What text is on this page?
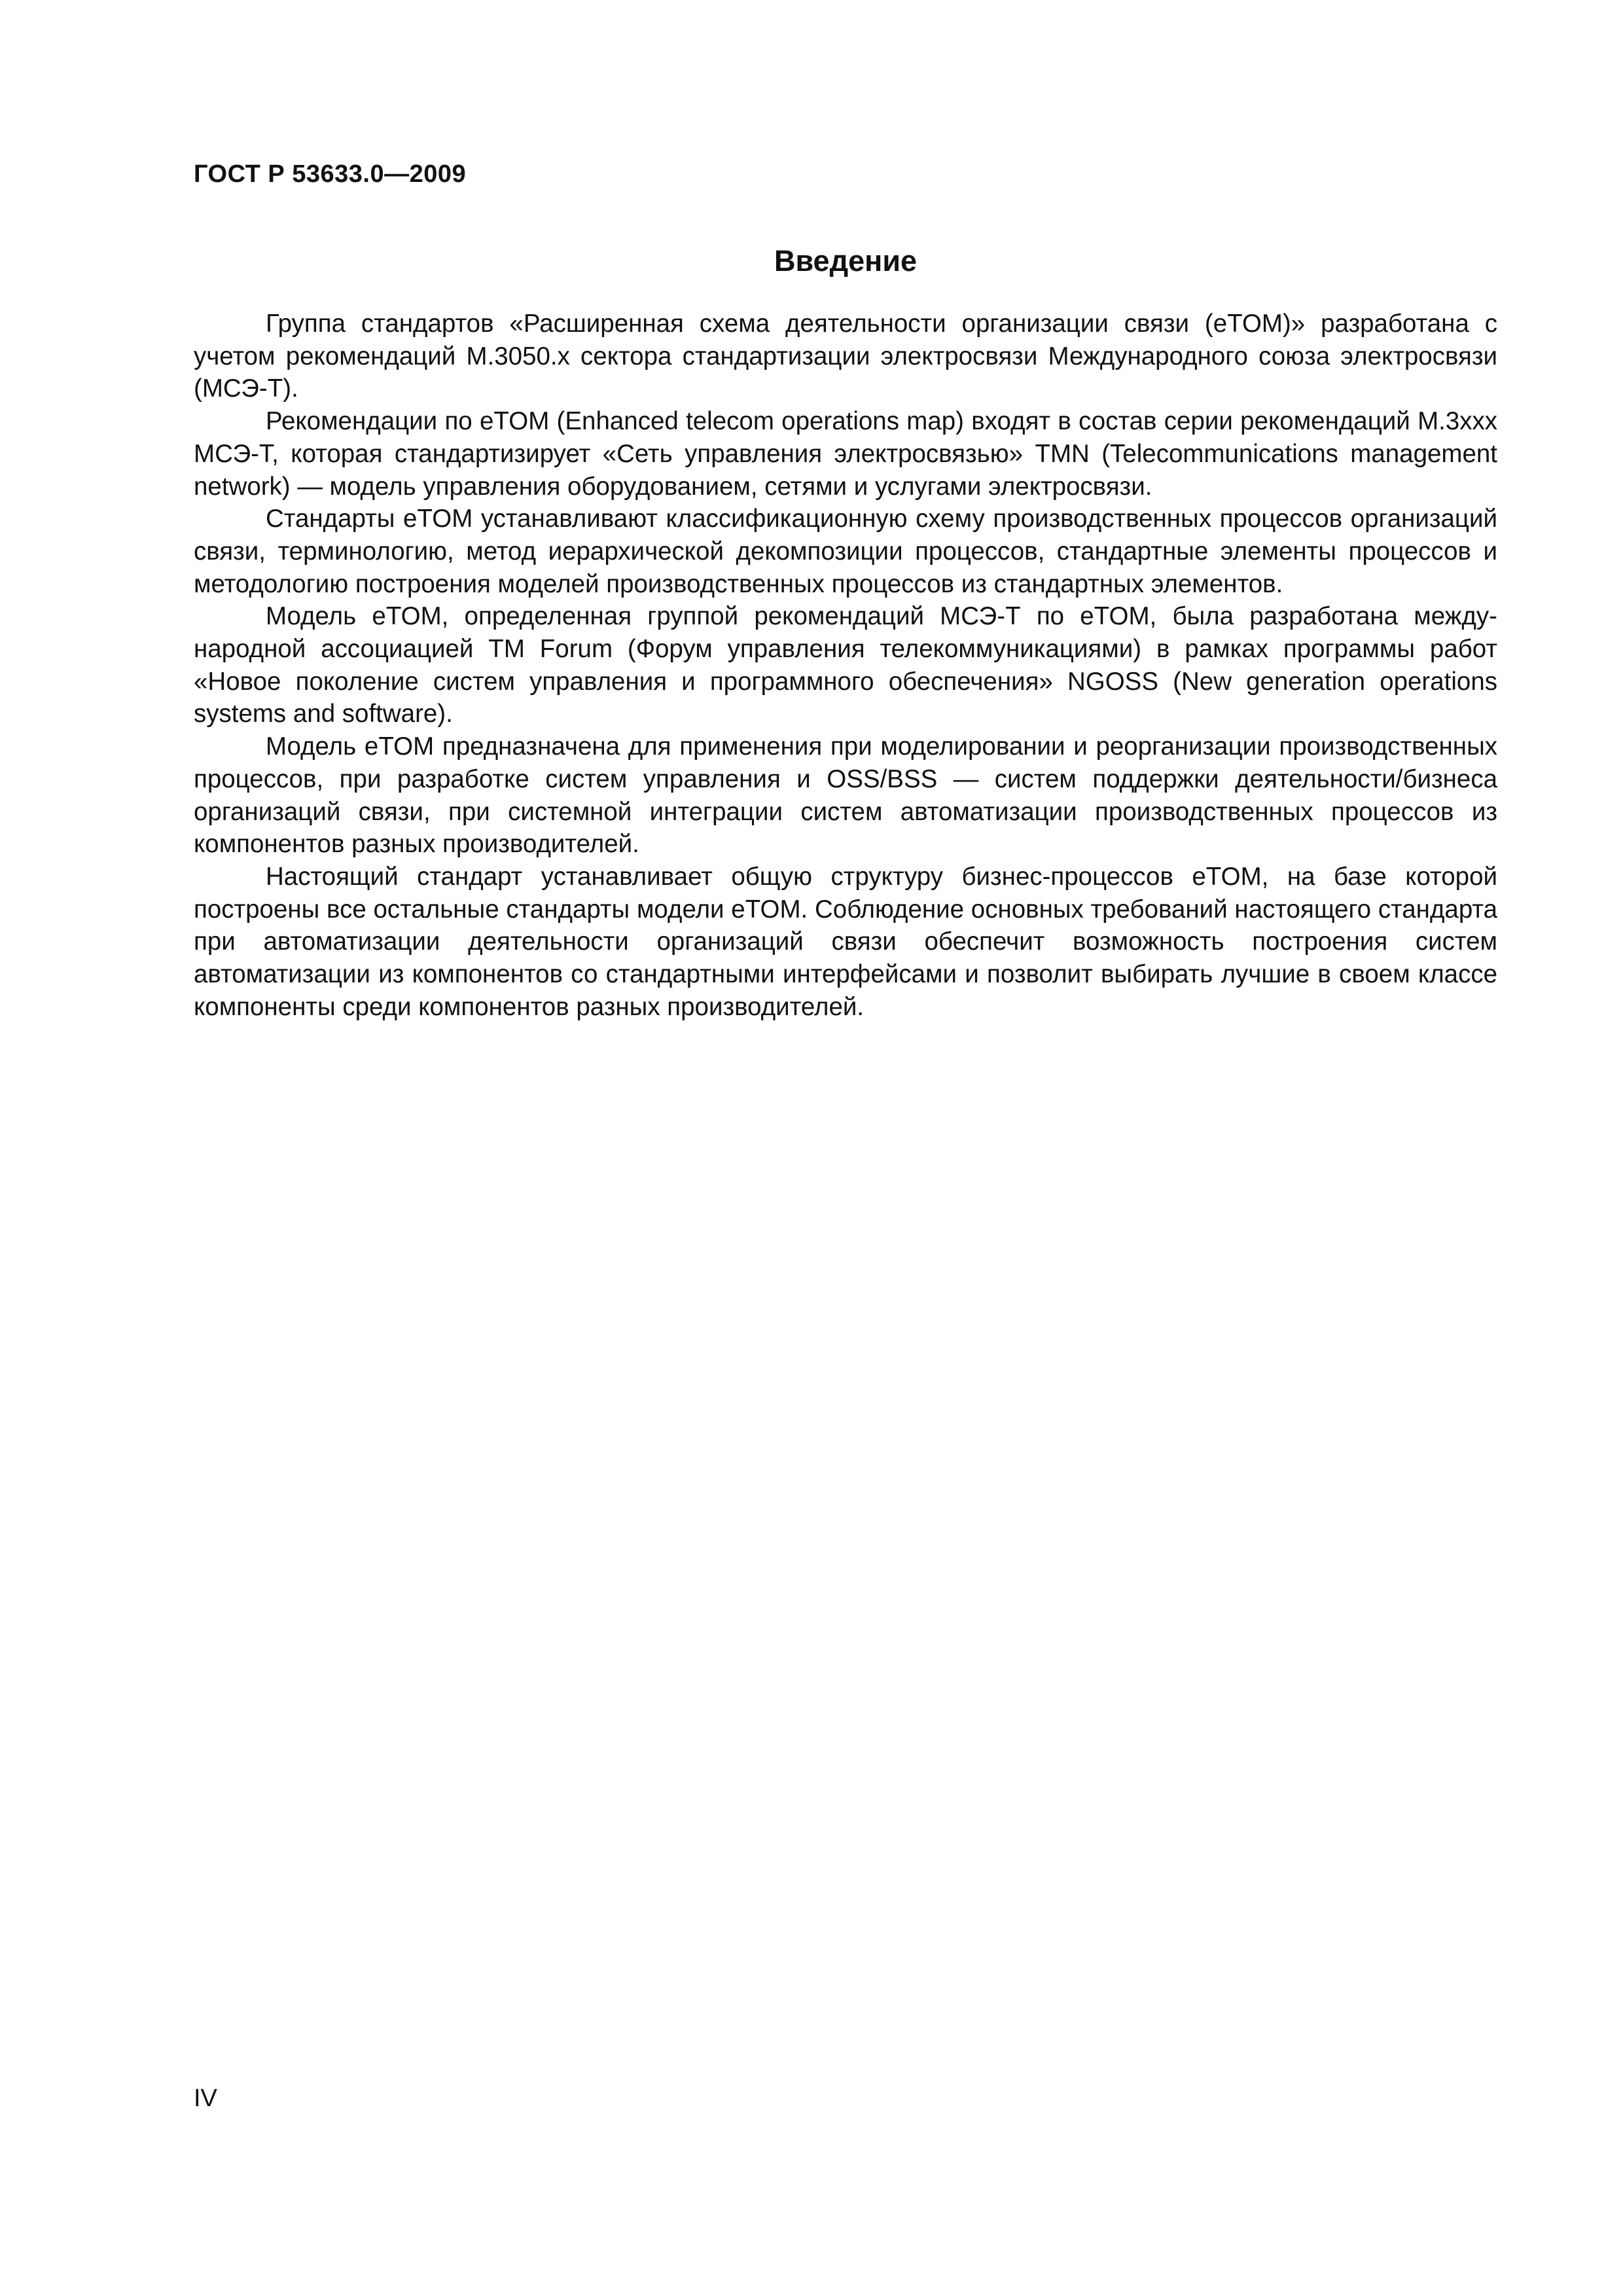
ГОСТ Р 53633.0—2009
Введение

Группа стандартов «Расширенная схема деятельности организации связи (eTOM)» разработана с учетом рекомендаций М.3050.x сектора стандартизации электросвязи Международного союза электросвязи (МСЭ-Т).

Рекомендации по eTOM (Enhanced telecom operations map) входят в состав серии рекомендаций М.3xxx МСЭ-Т, которая стандартизирует «Сеть управления электросвязью» TMN (Telecommunications management network) — модель управления оборудованием, сетями и услугами электросвязи.

Стандарты eTOM устанавливают классификационную схему производственных процессов организаций связи, терминологию, метод иерархической декомпозиции процессов, стандартные элементы процессов и методологию построения моделей производственных процессов из стандартных элементов.

Модель eTOM, определенная группой рекомендаций МСЭ-Т по eTOM, была разработана международной ассоциацией TM Forum (Форум управления телекоммуникациями) в рамках программы работ «Новое поколение систем управления и программного обеспечения» NGOSS (New generation operations systems and software).

Модель eTOM предназначена для применения при моделировании и реорганизации производственных процессов, при разработке систем управления и OSS/BSS — систем поддержки деятельности/бизнеса организаций связи, при системной интеграции систем автоматизации производственных процессов из компонентов разных производителей.

Настоящий стандарт устанавливает общую структуру бизнес-процессов eTOM, на базе которой построены все остальные стандарты модели eTOM. Соблюдение основных требований настоящего стандарта при автоматизации деятельности организаций связи обеспечит возможность построения систем автоматизации из компонентов со стандартными интерфейсами и позволит выбирать лучшие в своем классе компоненты среди компонентов разных производителей.

IV
